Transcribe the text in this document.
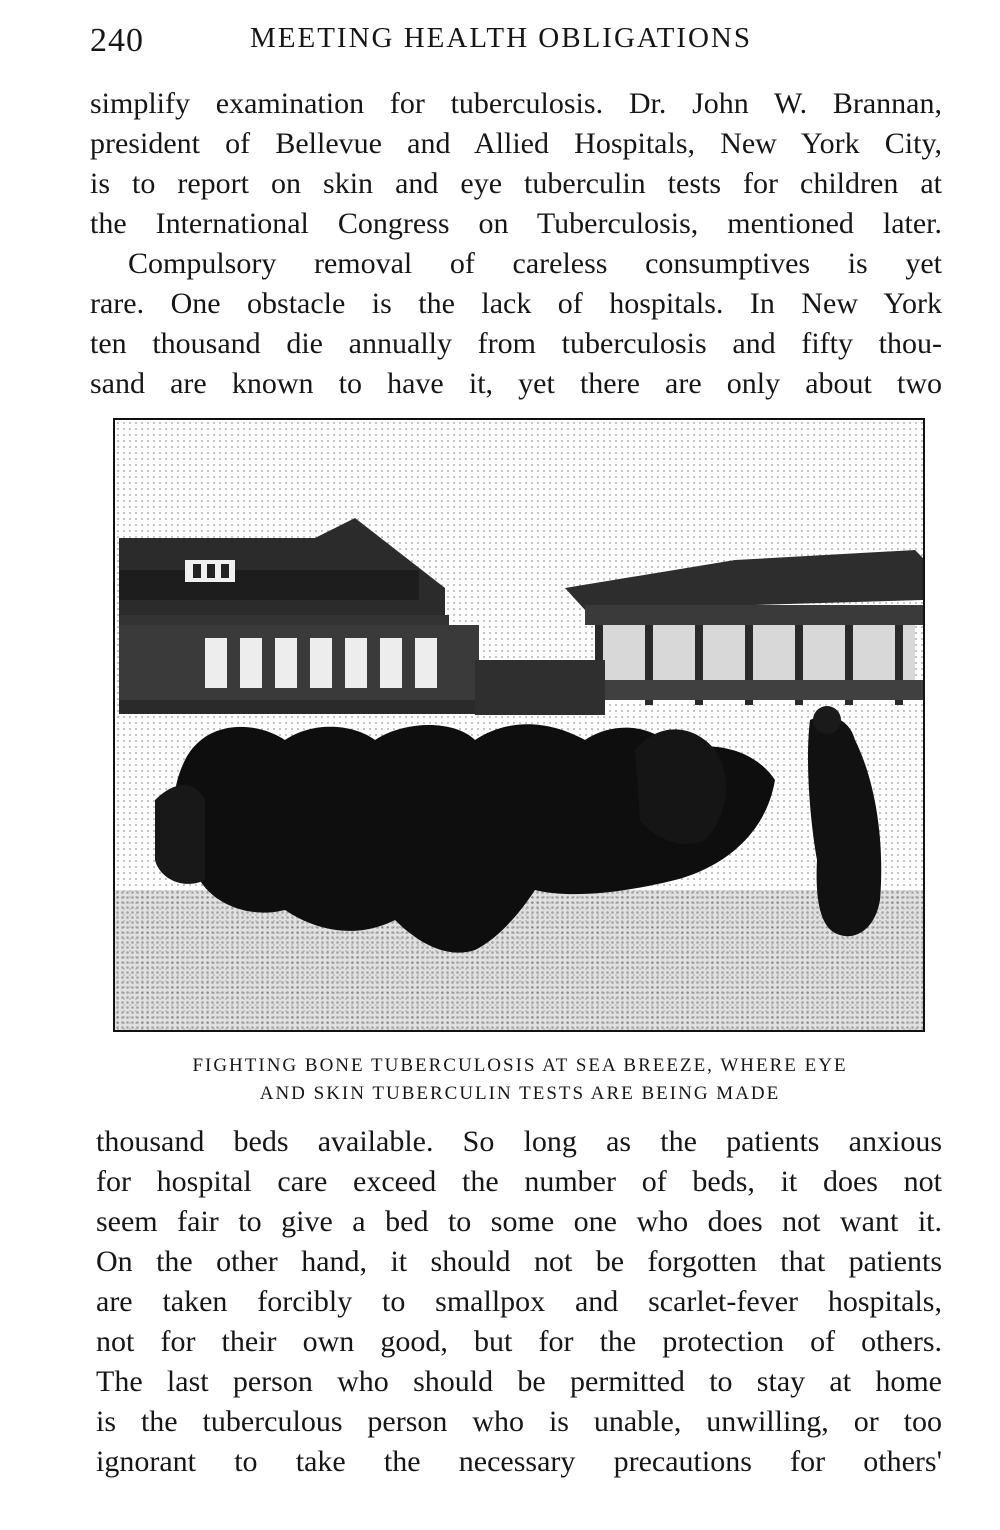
240	MEETING HEALTH OBLIGATIONS

simplify examination for tuberculosis. Dr. John W. Brannan,
president of Bellevue and Allied Hospitals, New York City,
is to report on skin and eye tuberculin tests for children at
the International Congress on Tuberculosis, mentioned later.

Compulsory removal of careless consumptives is yet
rare. One obstacle is the lack of hospitals. In New York
ten thousand die annually from tuberculosis and fifty thou-
sand are known to have it, yet there are only about two

FIGHTING BONE TUBERCULOSIS AT SEA BREEZE, WHERE EYE
AND SKIN TUBERCULIN TESTS ARE BEING MADE

thousand beds available. So long as the patients anxious
for hospital care exceed the number of beds, it does not
seem fair to give a bed to some one who does not want it.
On the other hand, it should not be forgotten that patients
are taken forcibly to smallpox and scarlet-fever hospitals,
not for their own good, but for the protection of others.
The last person who should be permitted to stay at home
is the tuberculous person who is unable, unwilling, or too
ignorant to take the necessary precautions for others'
